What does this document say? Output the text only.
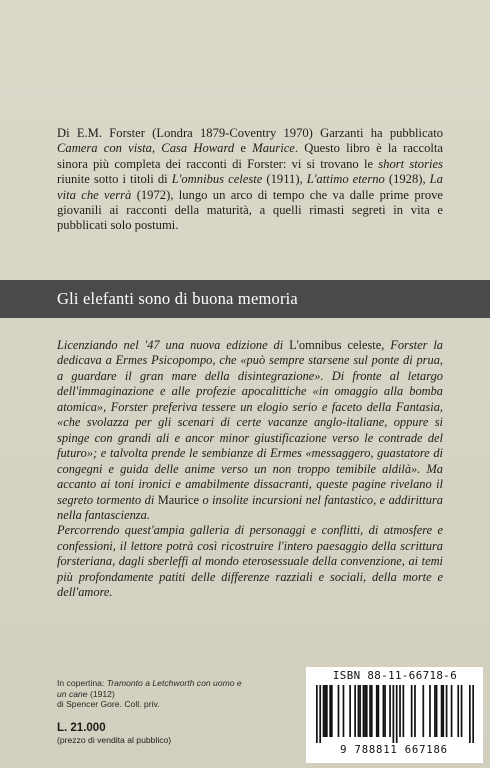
Di E.M. Forster (Londra 1879-Coventry 1970) Garzanti ha pubblicato Camera con vista, Casa Howard e Maurice. Questo libro è la raccolta sinora più completa dei racconti di Forster: vi si trovano le short stories riunite sotto i titoli di L'omnibus celeste (1911), L'attimo eterno (1928), La vita che verrà (1972), lungo un arco di tempo che va dalle prime prove giovanili ai racconti della maturità, a quelli rimasti segreti in vita e pubblicati solo postumi.

Gli elefanti sono di buona memoria

Licenziando nel '47 una nuova edizione di L'omnibus celeste, Forster la dedicava a Ermes Psicopompo, che «può sempre starsene sul ponte di prua, a guardare il gran mare della disintegrazione». Di fronte al letargo dell'immaginazione e alle profezie apocalittiche «in omaggio alla bomba atomica», Forster preferiva tessere un elogio serio e faceto della Fantasia, «che svolazza per gli scenari di certe vacanze anglo-italiane, oppure si spinge con grandi ali e ancor minor giustificazione verso le contrade del futuro»; e talvolta prende le sembianze di Ermes «messaggero, guastatore di congegni e guida delle anime verso un non troppo temibile aldilà». Ma accanto ai toni ironici e amabilmente dissacranti, queste pagine rivelano il segreto tormento di Maurice o insolite incursioni nel fantastico, e addirittura nella fantascienza.

Percorrendo quest'ampia galleria di personaggi e conflitti, di atmosfere e confessioni, il lettore potrà così ricostruire l'intero paesaggio della scrittura forsteriana, dagli sberleffi al mondo eterosessuale della convenzione, ai temi più profondamente patiti delle differenze razziali e sociali, della morte e dell'amore.

In copertina: Tramonto a Letchworth con uomo e un cane (1912)
di Spencer Gore. Coll. priv.
L. 21.000
(prezzo di vendita al pubblico)
ISBN 88-11-66718-6
9 788811 667186
